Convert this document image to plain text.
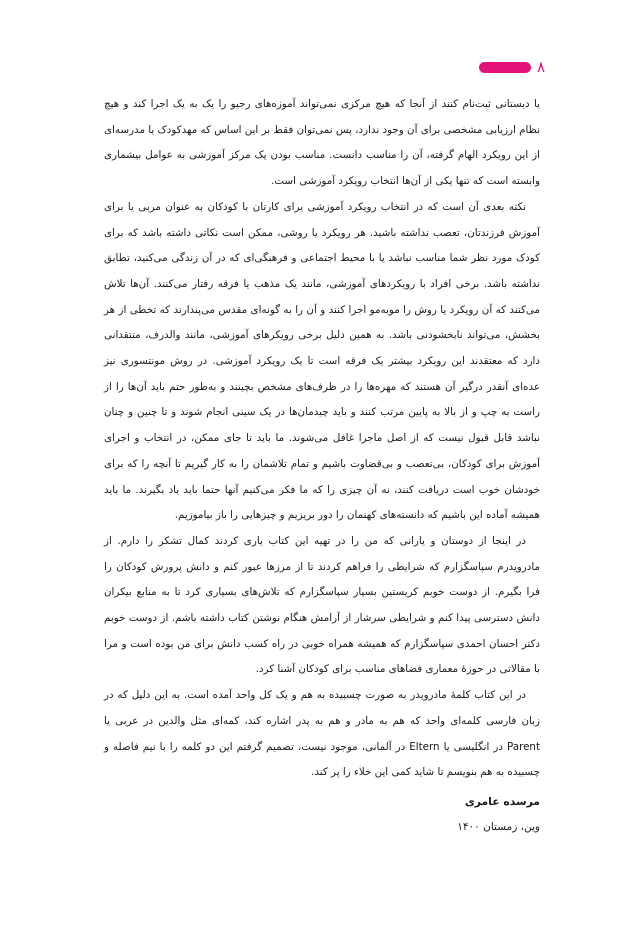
۸

یا دبستانی ثبت‌نام کنند از آنجا که هیچ مرکزی نمی‌تواند آموزه‌های رجیو را یک به یک اجرا کند و هیچ نظام ارزیابی مشخصی برای آن وجود ندارد، پس نمی‌توان فقط بر این اساس که مهدکودک یا مدرسه‌ای از این رویکرد الهام گرفته، آن را مناسب دانست. مناسب بودن یک مرکز آموزشی به عوامل بیشماری وابسته است که تنها یکی از آن‌ها انتخاب رویکرد آموزشی است.

نکته بعدی آن است که در انتخاب رویکرد آموزشی برای کارتان با کودکان به عنوان مربی یا برای آموزش فرزندتان، تعصب نداشته باشید. هر رویکرد یا روشی، ممکن است نکاتی داشته باشد که برای کودک مورد نظر شما مناسب نباشد یا با محیط اجتماعی و فرهنگی‌ای که در آن زندگی می‌کنید، تطابق نداشته باشد. برخی افراد با رویکردهای آموزشی، مانند یک مذهب یا فرقه رفتار می‌کنند. آن‌ها تلاش می‌کنند که آن رویکرد یا روش را موبه‌مو اجرا کنند و آن را به گونه‌ای مقدس می‌پندارند که تخطی از هر بخشش، می‌تواند نابخشودنی باشد. به همین دلیل برخی رویکرهای آموزشی، مانند والدرف، منتقدانی دارد که معتقدند این رویکرد بیشتر یک فرقه است تا یک رویکرد آموزشی. در روش مونتسوری نیز عده‌ای آنقدر درگیر آن هستند که مهره‌ها را در ظرف‌های مشخص بچینند و به‌طور حتم باید آن‌ها را از راست به چپ و از بالا به پایین مرتب کنند و باید چیدمان‌ها در یک سینی انجام شوند و تا چنین و چنان نباشد قابل قبول نیست که از اصل ماجرا غافل می‌شوند. ما باید تا جای ممکن، در انتخاب و اجرای آموزش برای کودکان، بی‌تعصب و بی‌قضاوت باشیم و تمام تلاشمان را به کار گیریم تا آنچه را که برای خودشان خوب است دریافت کنند، نه آن چیزی را که ما فکر می‌کنیم آنها حتما باید یاد بگیرند. ما باید همیشه آماده این باشیم که دانسته‌های کهنمان را دور بریزیم و چیزهایی را باز بیاموزیم.

در اینجا از دوستان و یارانی که من را در تهیه این کتاب یاری کردند کمال تشکر را دارم. از مادرویدرم سپاسگزارم که شرایطی را فراهم کردند تا از مرزها عبور کنم و دانش پرورش کودکان را فرا بگیرم. از دوست خوبم کریستین بسیار سپاسگزارم که تلاش‌های بسیاری کرد تا به منابع بیکران دانش دسترسی پیدا کنم و شرایطی سرشار از آرامش هنگام نوشتن کتاب داشته باشم. از دوست خوبم دکتر احسان احمدی سپاسگزارم که همیشه همراه خوبی در راه کسب دانش برای من بوده است و مرا با مقالاتی در حوزهٔ معماری فضاهای مناسب برای کودکان آشنا کرد.

در این کتاب کلمهٔ مادرویدر به صورت چسبیده به هم و یک کل واحد آمده است. به این دلیل که در زبان فارسی کلمه‌ای واحد که هم به مادر و هم به پدر اشاره کند، کمه‌ای مثل والدین در عربی یا Parent در انگلیسی یا Eltern در آلمانی، موجود نیست، تصمیم گرفتم این دو کلمه را با نیم فاصله و چسبیده به هم بنویسم تا شاید کمی این خلاء را پر کند.

مرسده عامری
وین، زمستان ۱۴۰۰
